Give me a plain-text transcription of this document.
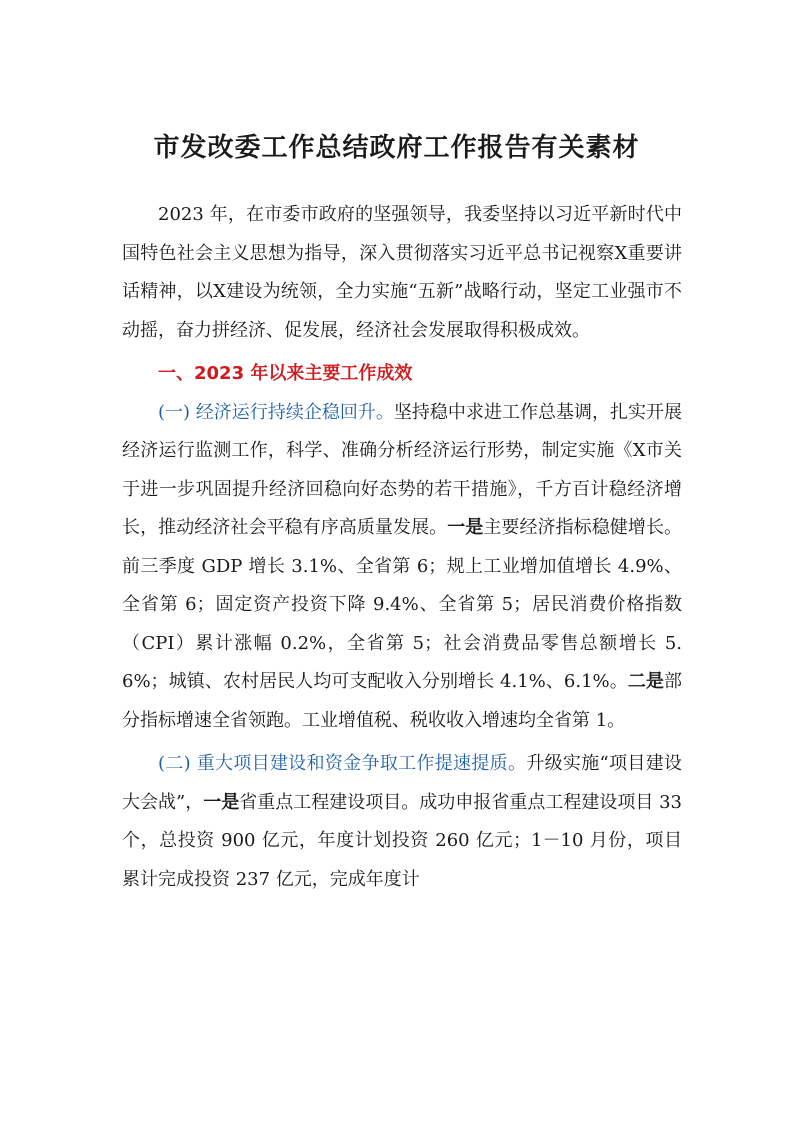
市发改委工作总结政府工作报告有关素材

2023 年，在市委市政府的坚强领导，我委坚持以习近平新时代中国特色社会主义思想为指导，深入贯彻落实习近平总书记视察X重要讲话精神，以X建设为统领，全力实施“五新”战略行动，坚定工业强市不动摇，奋力拼经济、促发展，经济社会发展取得积极成效。

一、2023 年以来主要工作成效

(一) 经济运行持续企稳回升。坚持稳中求进工作总基调，扎实开展经济运行监测工作，科学、准确分析经济运行形势，制定实施《X市关于进一步巩固提升经济回稳向好态势的若干措施》，千方百计稳经济增长，推动经济社会平稳有序高质量发展。一是主要经济指标稳健增长。前三季度 GDP 增长 3.1%、全省第 6；规上工业增加值增长 4.9%、全省第 6；固定资产投资下降 9.4%、全省第 5；居民消费价格指数（CPI）累计涨幅 0.2%，全省第 5；社会消费品零售总额增长 5.6%；城镇、农村居民人均可支配收入分别增长 4.1%、6.1%。二是部分指标增速全省领跑。工业增值税、税收收入增速均全省第 1。

(二) 重大项目建设和资金争取工作提速提质。升级实施“项目建设大会战”，一是省重点工程建设项目。成功申报省重点工程建设项目 33 个，总投资 900 亿元，年度计划投资 260 亿元；1－10 月份，项目累计完成投资 237 亿元，完成年度计
